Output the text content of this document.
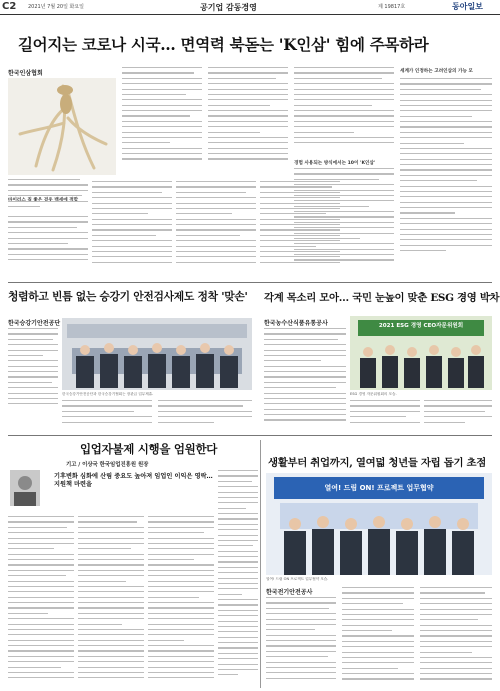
C2 2021년 7월 20일 화요일	공기업 감동경영	제 19817호	동아일보
길어지는 코로나 시국… 면역력 북돋는 'K인삼' 힘에 주목하라
한국인삼협회
경험 사용되는 방식에서는 10이 'K인삼'
세계가 인정하는 고려인삼의 가능 모
청렴하고 빈틈 없는 승강기 안전검사제도 정착 '맞손'
한국승강기안전공단
한국승강기안전공단과 한국승강기협회는 장관급 업무제휴.
각계 목소리 모아… 국민 눈높이 맞춘 ESG 경영 박차
한국농수산식품유통공사	2021 ESG 경영 CEO자문위원회
ESG 경영 자문위원회의 모습.
입업자불제 시행을 엄원한다
기고 / 이상국 한국임업진흥원 원장
기후변화 심화에 산림 중요도 높아져 임업인 이익은 영락… 지원책 마련을
생활부터 취업까지, 열여덟 청년들 자립 돕기 초점
열여! 드림 ON! 프로젝트 업무협약
열여! 드림 ON 프로젝트 업무협약 모습.
한국전기안전공사
